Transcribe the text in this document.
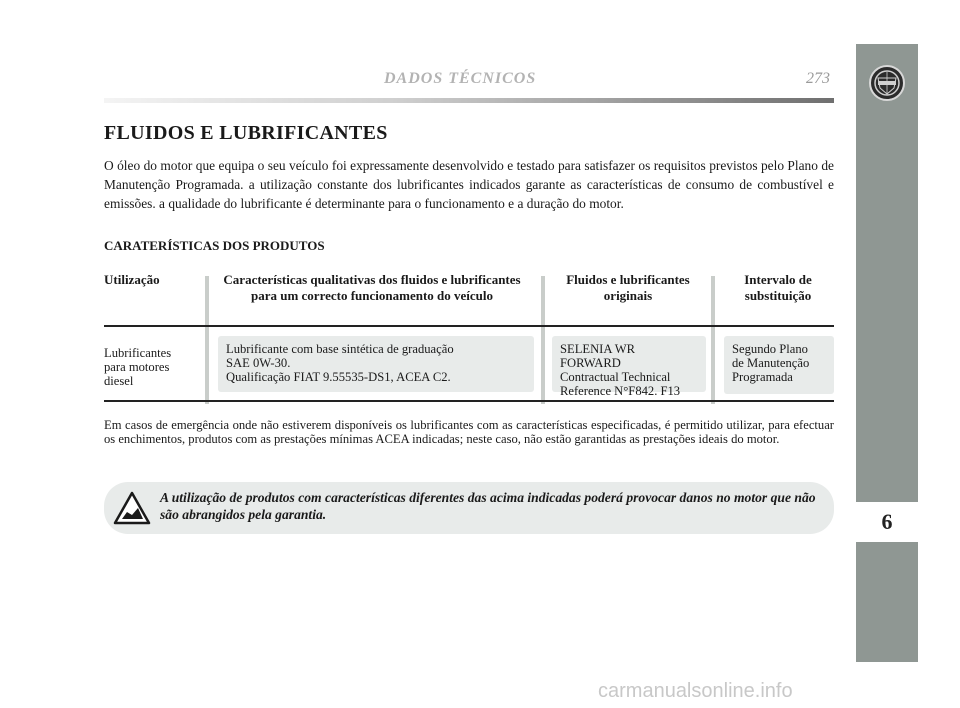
DADOS TÉCNICOS	273
6
FLUIDOS E LUBRIFICANTES

O óleo do motor que equipa o seu veículo foi expressamente desenvolvido e testado para satisfazer os requisitos previstos pelo Plano de Manutenção Programada. a utilização constante dos lubrificantes indicados garante as características de consumo de combustível e emissões. a qualidade do lubrificante é determinante para o funcionamento e a duração do motor.

CARATERÍSTICAS DOS PRODUTOS
Utilização	Características qualitativas dos fluidos e lubrificantes para um correcto funcionamento do veículo
Fluidos e lubrificantes originais
Intervalo de substituição
Lubrificantes
para motores
diesel
Lubrificante com base sintética de graduação
SAE 0W-30.
Qualificação FIAT 9.55535-DS1, ACEA C2.
SELENIA WR FORWARD
Contractual Technical
Reference N°F842. F13
Segundo Plano
de Manutenção
Programada

Em casos de emergência onde não estiverem disponíveis os lubrificantes com as características especificadas, é permitido utilizar, para efectuar os enchimentos, produtos com as prestações mínimas ACEA indicadas; neste caso, não estão garantidas as prestações ideais do motor.

A utilização de produtos com características diferentes das acima indicadas poderá provocar danos no motor que não são abrangidos pela garantia.

carmanualsonline.info
